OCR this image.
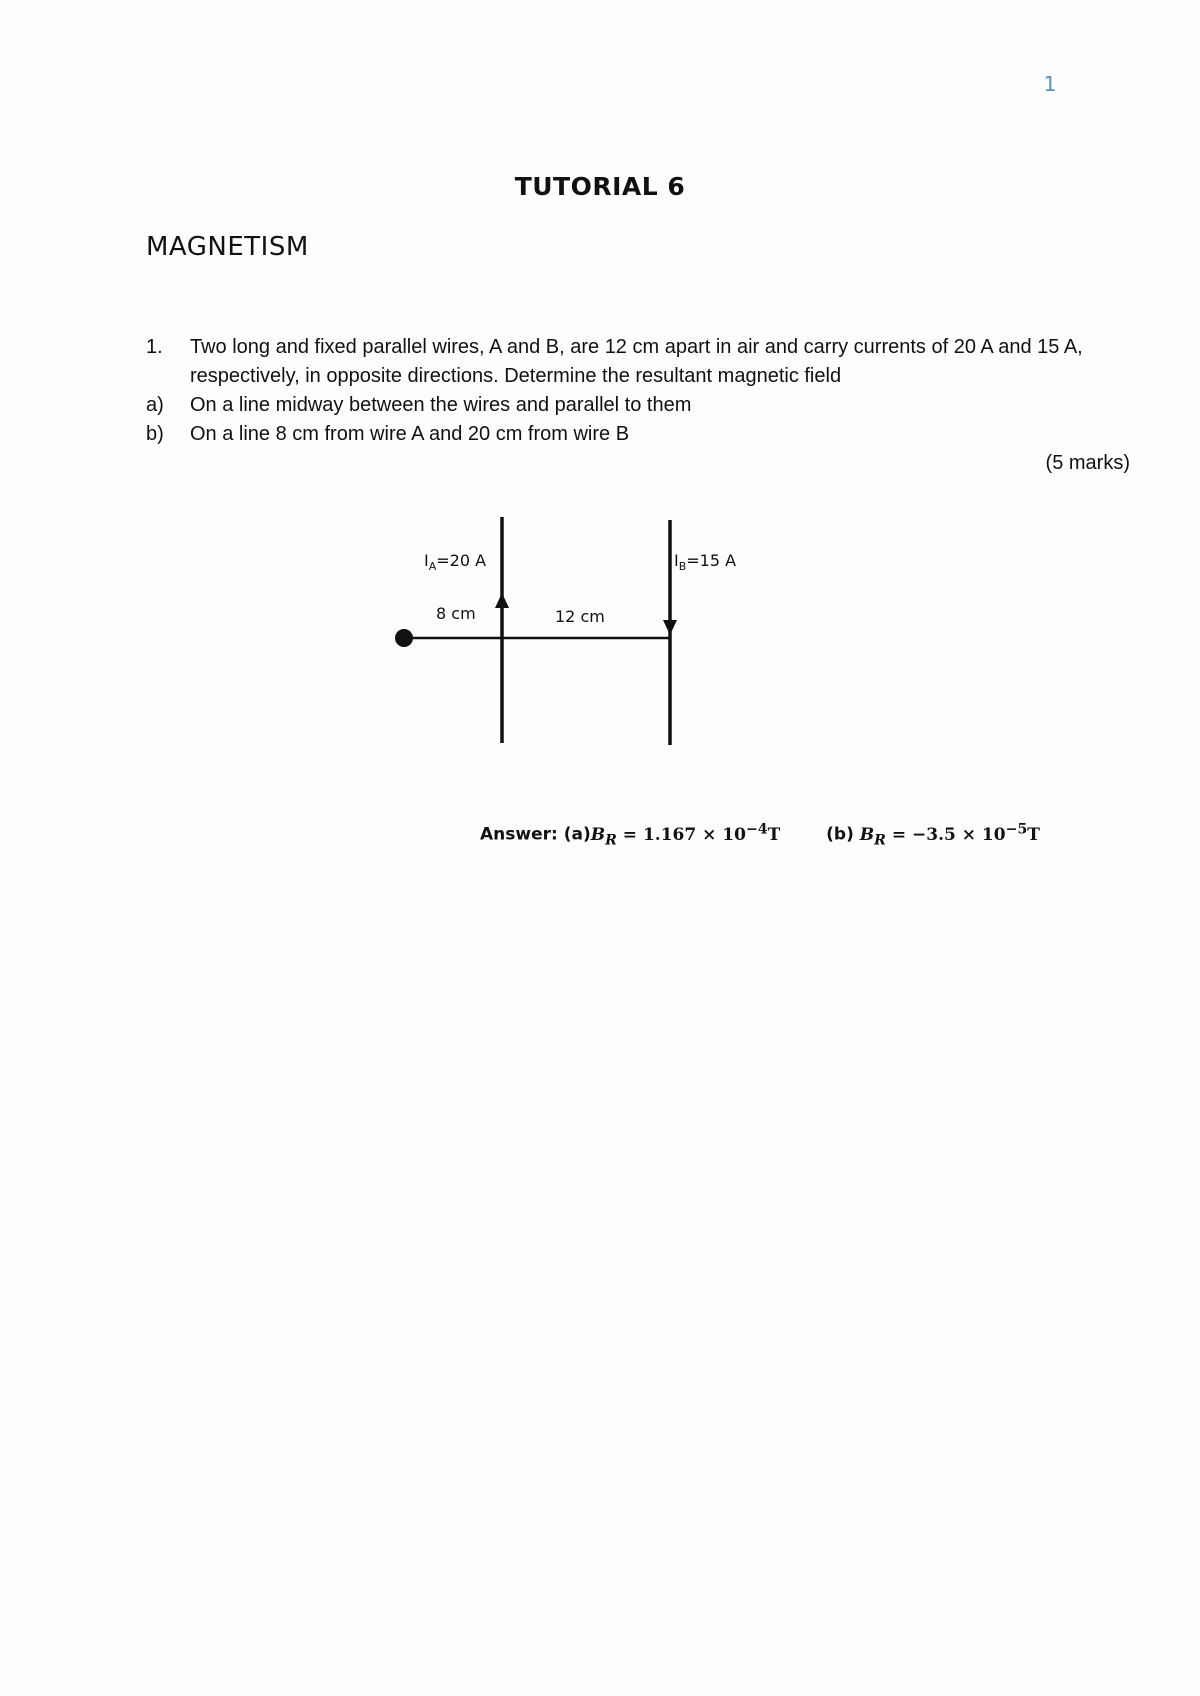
1
TUTORIAL 6
MAGNETISM
1.	Two long and fixed parallel wires, A and B, are 12 cm apart in air and carry currents of 20 A and 15 A, respectively, in opposite directions. Determine the resultant magnetic field
a)	On a line midway between the wires and parallel to them
b)	On a line 8 cm from wire A and 20 cm from wire B
(5 marks)
$I_A=20$ A	$I_B=15$ A
8 cm	12 cm
Answer: $(a)B_R = 1.167 \times 10^{-4}T$	(b) $B_R = -3.5 \times 10^{-5}T$
